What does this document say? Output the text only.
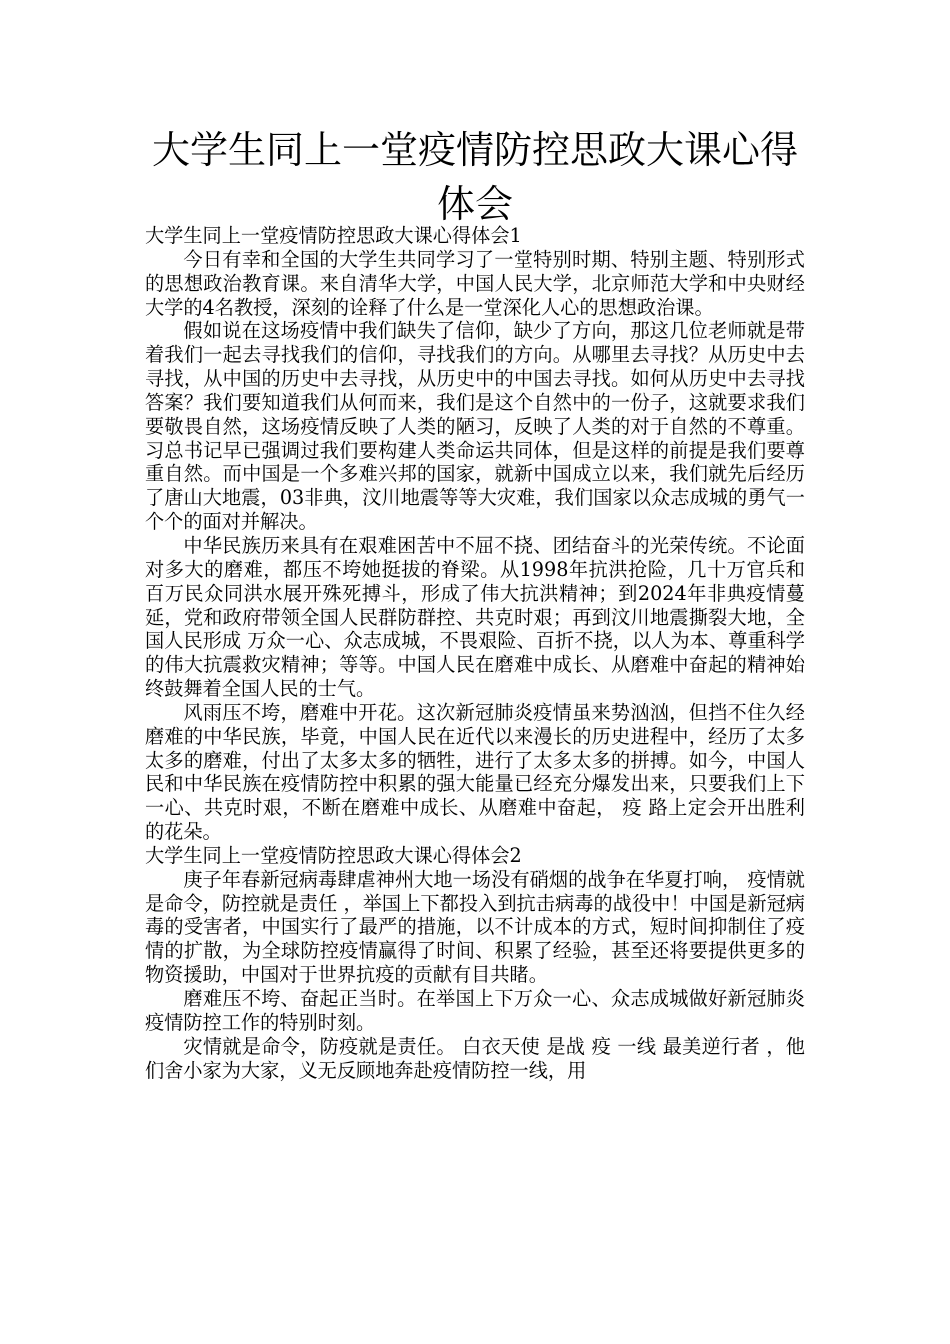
大学生同上一堂疫情防控思政大课心得体会

大学生同上一堂疫情防控思政大课心得体会1

今日有幸和全国的大学生共同学习了一堂特别时期、特别主题、特别形式的思想政治教育课。来自清华大学，中国人民大学，北京师范大学和中央财经大学的4名教授，深刻的诠释了什么是一堂深化人心的思想政治课。

假如说在这场疫情中我们缺失了信仰，缺少了方向，那这几位老师就是带着我们一起去寻找我们的信仰，寻找我们的方向。从哪里去寻找？从历史中去寻找，从中国的历史中去寻找，从历史中的中国去寻找。如何从历史中去寻找答案？我们要知道我们从何而来，我们是这个自然中的一份子，这就要求我们要敬畏自然，这场疫情反映了人类的陋习，反映了人类的对于自然的不尊重。习总书记早已强调过我们要构建人类命运共同体，但是这样的前提是我们要尊重自然。而中国是一个多难兴邦的国家，就新中国成立以来，我们就先后经历了唐山大地震，03非典，汶川地震等等大灾难，我们国家以众志成城的勇气一个个的面对并解决。

中华民族历来具有在艰难困苦中不屈不挠、团结奋斗的光荣传统。不论面对多大的磨难，都压不垮她挺拔的脊梁。从1998年抗洪抢险，几十万官兵和百万民众同洪水展开殊死搏斗，形成了伟大抗洪精神；到2024年非典疫情蔓延，党和政府带领全国人民群防群控、共克时艰；再到汶川地震撕裂大地，全国人民形成 万众一心、众志成城，不畏艰险、百折不挠，以人为本、尊重科学 的伟大抗震救灾精神；等等。中国人民在磨难中成长、从磨难中奋起的精神始终鼓舞着全国人民的士气。

风雨压不垮，磨难中开花。这次新冠肺炎疫情虽来势汹汹，但挡不住久经磨难的中华民族，毕竟，中国人民在近代以来漫长的历史进程中，经历了太多太多的磨难，付出了太多太多的牺牲，进行了太多太多的拼搏。如今，中国人民和中华民族在疫情防控中积累的强大能量已经充分爆发出来，只要我们上下一心、共克时艰，不断在磨难中成长、从磨难中奋起， 疫 路上定会开出胜利的花朵。

大学生同上一堂疫情防控思政大课心得体会2

庚子年春新冠病毒肆虐神州大地一场没有硝烟的战争在华夏打响， 疫情就是命令，防控就是责任 ，举国上下都投入到抗击病毒的战役中！中国是新冠病毒的受害者，中国实行了最严的措施，以不计成本的方式，短时间抑制住了疫情的扩散，为全球防控疫情赢得了时间、积累了经验，甚至还将要提供更多的物资援助，中国对于世界抗疫的贡献有目共睹。

磨难压不垮、奋起正当时。在举国上下万众一心、众志成城做好新冠肺炎疫情防控工作的特别时刻。

灾情就是命令，防疫就是责任。 白衣天使 是战 疫 一线 最美逆行者 ，他们舍小家为大家，义无反顾地奔赴疫情防控一线，用
